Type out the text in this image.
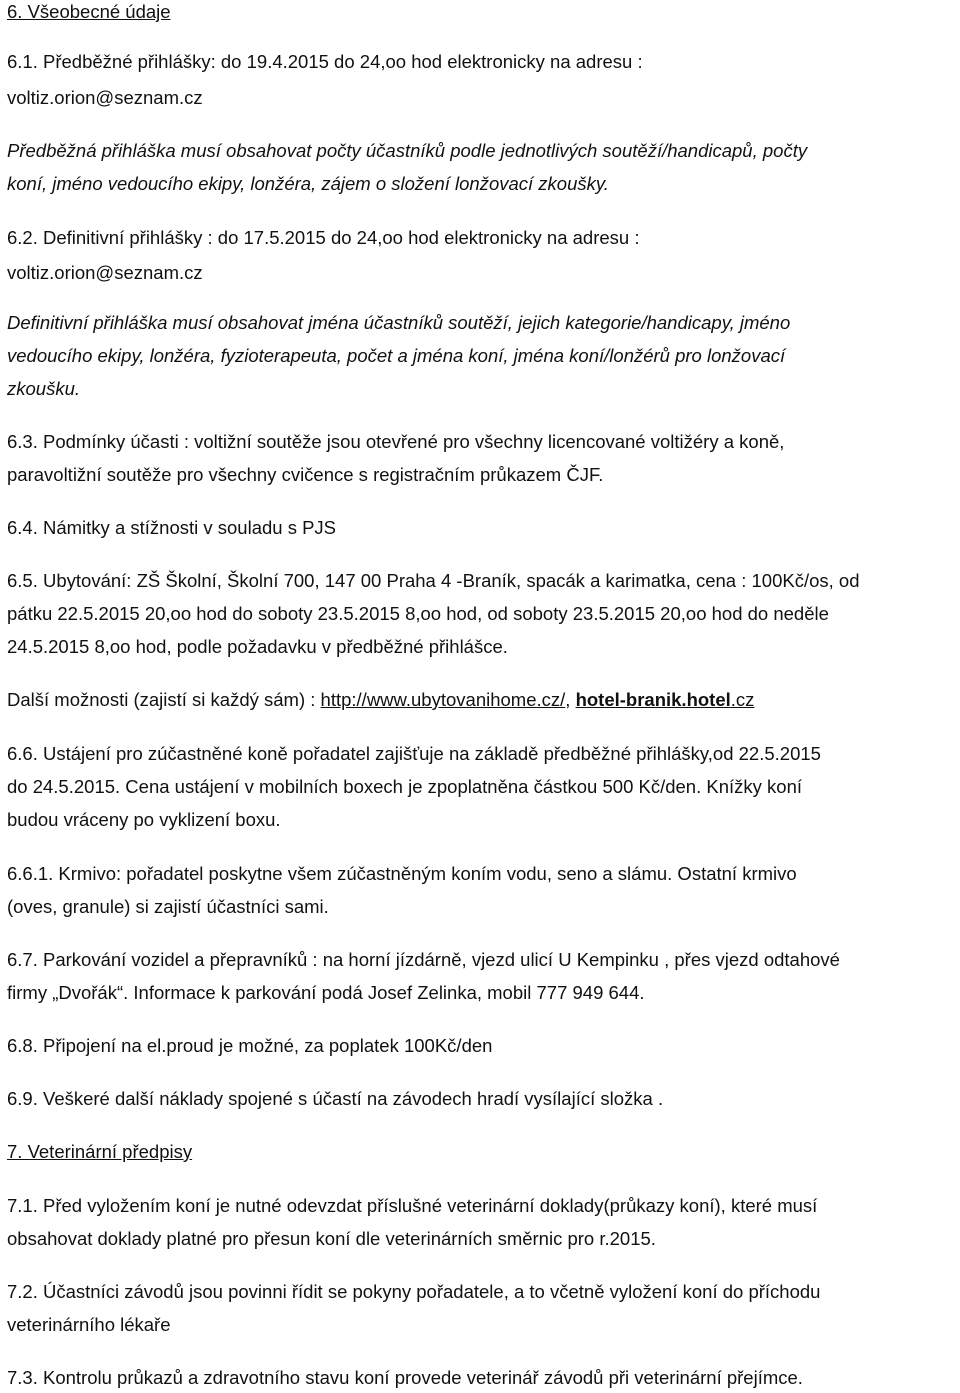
6. Všeobecné údaje
6.1. Předběžné přihlášky: do 19.4.2015 do 24,oo hod elektronicky na adresu :
voltiz.orion@seznam.cz
Předběžná přihláška musí obsahovat počty účastníků podle jednotlivých soutěží/handicapů, počty
koní, jméno vedoucího ekipy, lonžéra, zájem o složení lonžovací zkoušky.
6.2. Definitivní přihlášky : do 17.5.2015 do 24,oo hod elektronicky na adresu :
voltiz.orion@seznam.cz
Definitivní přihláška musí obsahovat jména účastníků soutěží, jejich kategorie/handicapy, jméno
vedoucího ekipy, lonžéra, fyzioterapeuta, počet a jména koní, jména koní/lonžérů pro lonžovací
zkoušku.
6.3. Podmínky účasti : voltižní soutěže jsou otevřené pro všechny licencované voltižéry a koně,
paravoltižní soutěže pro všechny cvičence s registračním průkazem ČJF.
6.4. Námitky a stížnosti v souladu s PJS
6.5. Ubytování: ZŠ Školní, Školní 700, 147 00 Praha 4 -Braník, spacák a karimatka, cena : 100Kč/os, od
pátku 22.5.2015 20,oo hod do soboty 23.5.2015 8,oo hod, od soboty 23.5.2015 20,oo hod do neděle
24.5.2015 8,oo hod, podle požadavku v předběžné přihlášce.
Další možnosti (zajistí si každý sám) : http://www.ubytovanihome.cz/, hotel-branik.hotel.cz
6.6. Ustájení pro zúčastněné koně pořadatel zajišťuje na základě předběžné přihlášky,od 22.5.2015
do 24.5.2015. Cena ustájení v mobilních boxech je zpoplatněna částkou 500 Kč/den. Knížky koní
budou vráceny po vyklizení boxu.
6.6.1. Krmivo: pořadatel poskytne všem zúčastněným koním vodu, seno a slámu. Ostatní krmivo
(oves, granule) si zajistí účastníci sami.
6.7. Parkování vozidel a přepravníků : na horní jízdárně, vjezd ulicí U Kempinku , přes vjezd odtahové
firmy „Dvořák“. Informace k parkování podá Josef Zelinka, mobil 777 949 644.
6.8. Připojení na el.proud je možné, za poplatek 100Kč/den
6.9. Veškeré další náklady spojené s účastí na závodech hradí vysílající složka .
7. Veterinární předpisy
7.1. Před vyložením koní je nutné odevzdat příslušné veterinární doklady(průkazy koní), které musí
obsahovat doklady platné pro přesun koní dle veterinárních směrnic pro r.2015.
7.2. Účastníci závodů jsou povinni řídit se pokyny pořadatele, a to včetně vyložení koní do příchodu
veterinárního lékaře
7.3. Kontrolu průkazů a zdravotního stavu koní provede veterinář závodů při veterinární přejímce.
